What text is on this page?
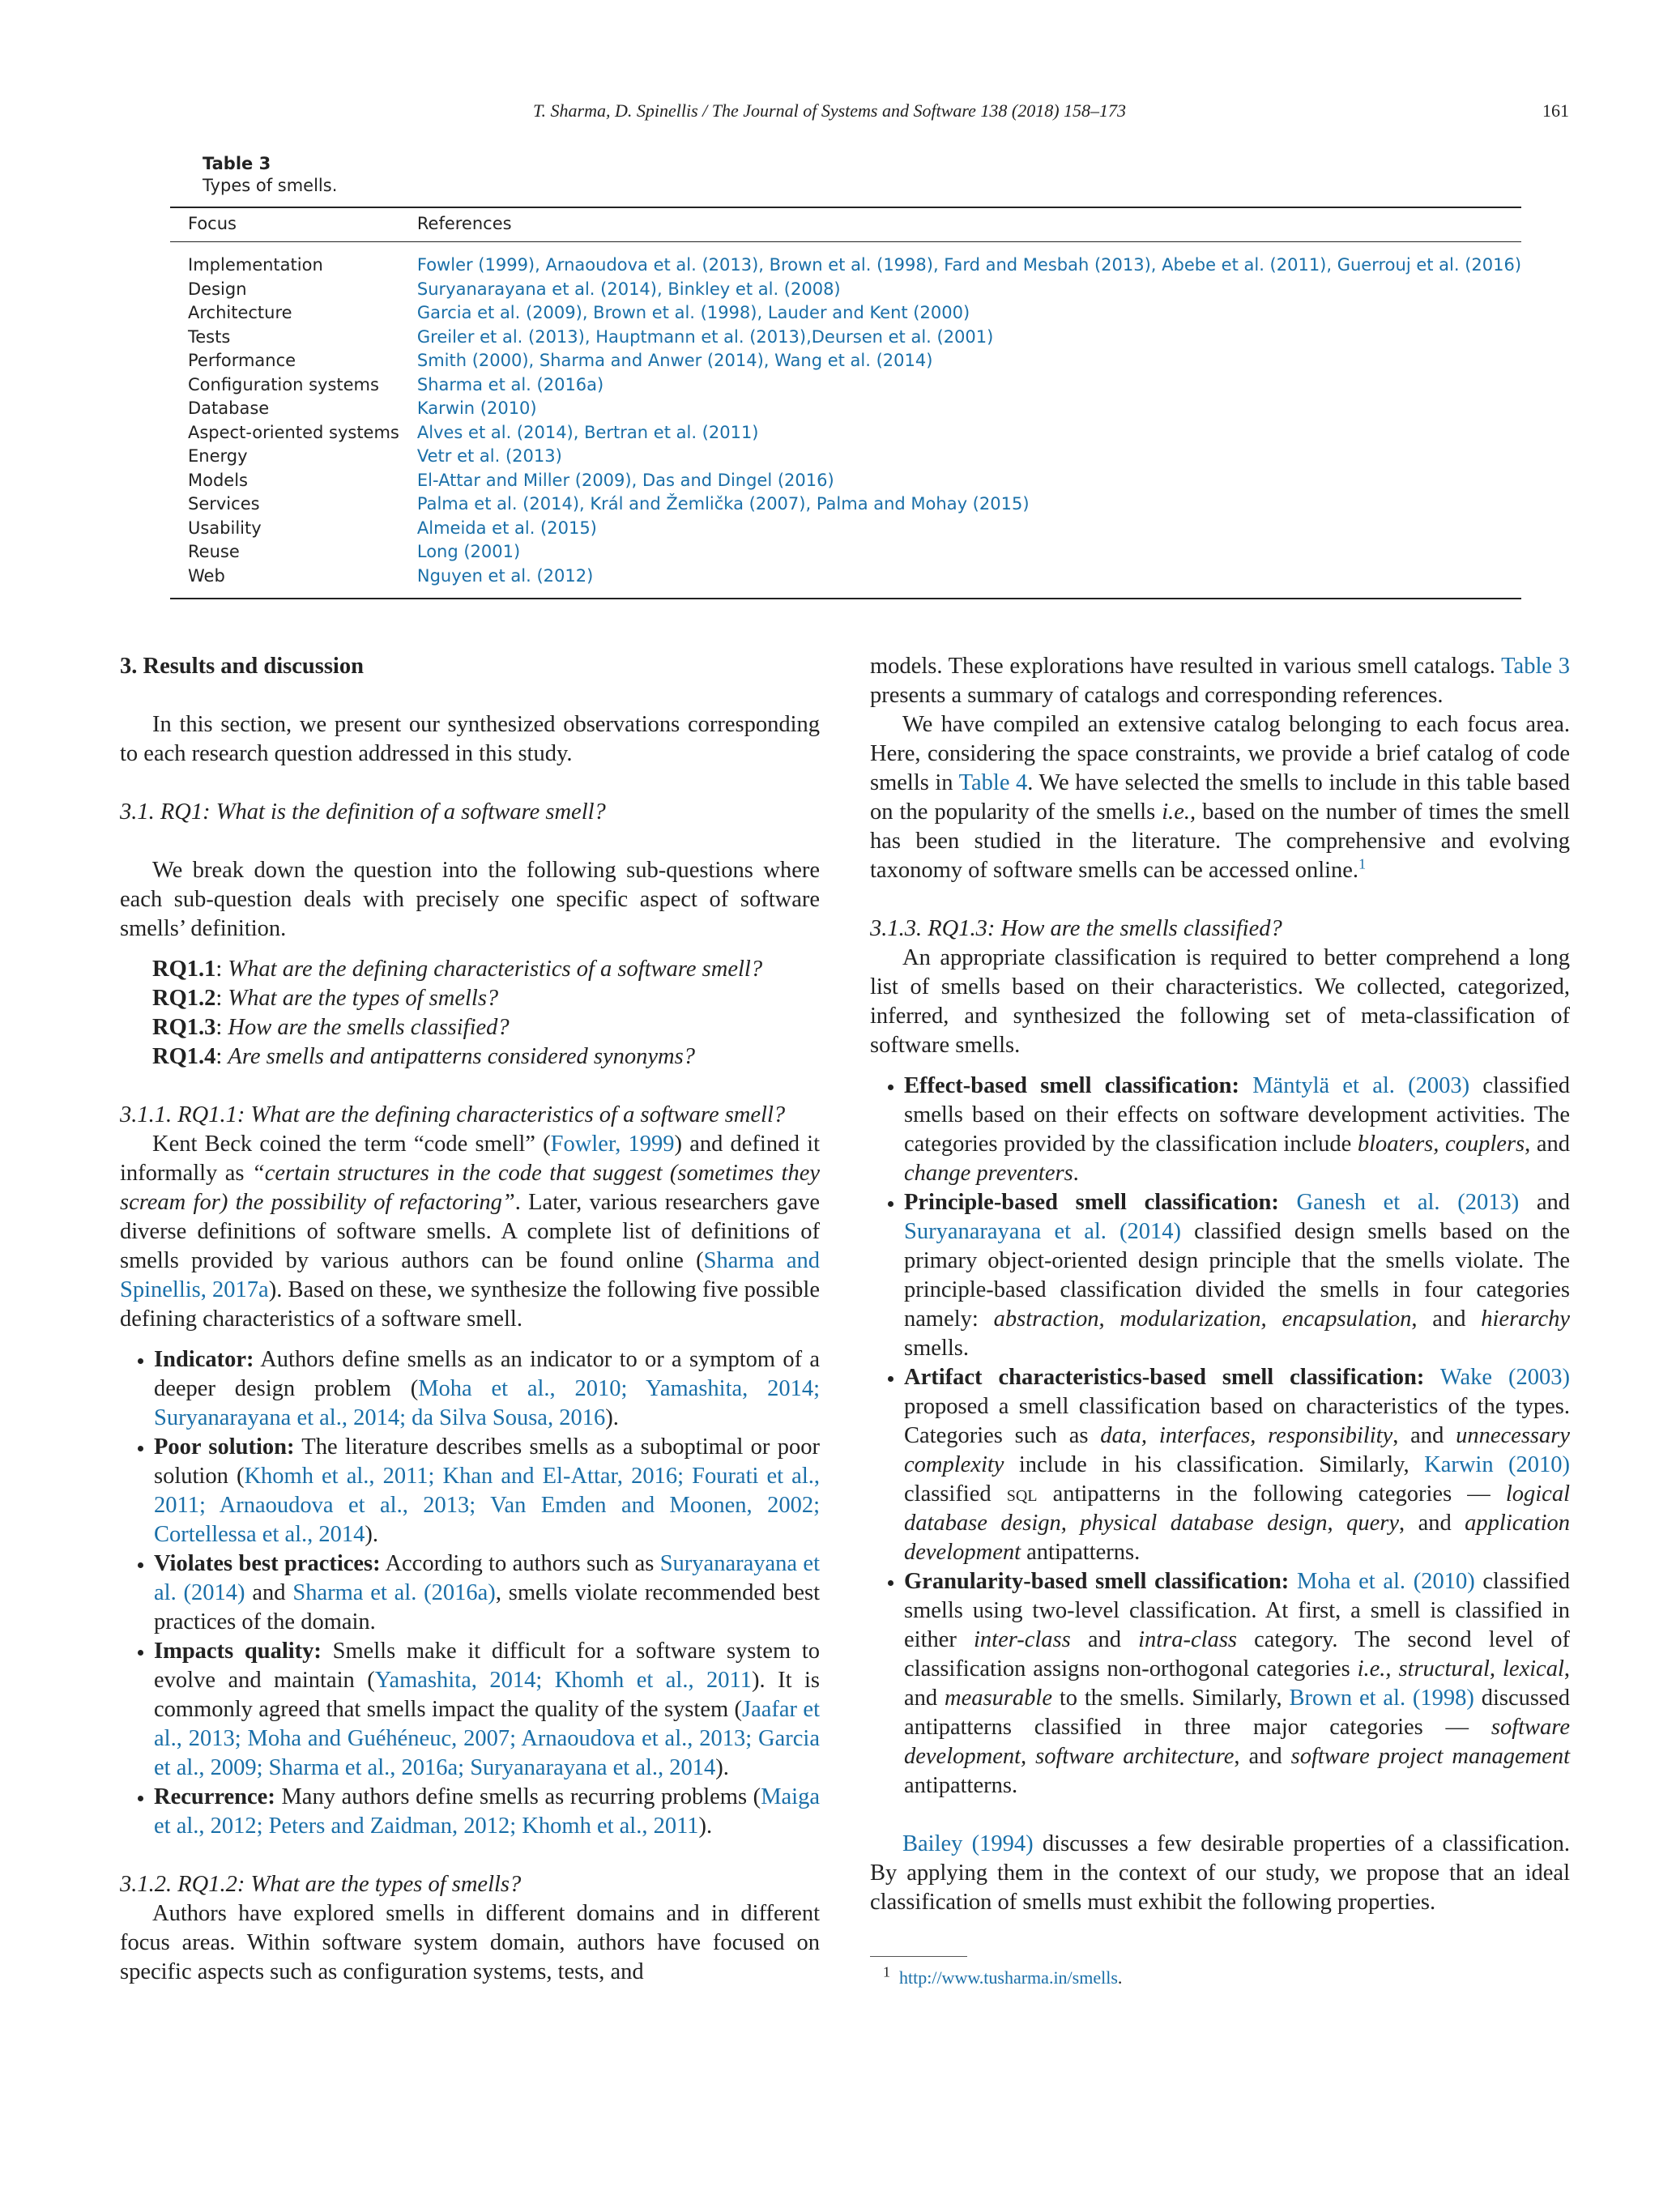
T. Sharma, D. Spinellis / The Journal of Systems and Software 138 (2018) 158–173	161

Table 3

Types of smells.

Focus	References
Implementation	Fowler (1999), Arnaoudova et al. (2013), Brown et al. (1998), Fard and Mesbah (2013), Abebe et al. (2011), Guerrouj et al. (2016)
Design	Suryanarayana et al. (2014), Binkley et al. (2008)
Architecture	Garcia et al. (2009), Brown et al. (1998), Lauder and Kent (2000)
Tests	Greiler et al. (2013), Hauptmann et al. (2013),Deursen et al. (2001)
Performance	Smith (2000), Sharma and Anwer (2014), Wang et al. (2014)
Configuration systems	Sharma et al. (2016a)
Database	Karwin (2010)
Aspect-oriented systems	Alves et al. (2014), Bertran et al. (2011)
Energy	Vetr et al. (2013)
Models	El-Attar and Miller (2009), Das and Dingel (2016)
Services	Palma et al. (2014), Král and Žemlička (2007), Palma and Mohay (2015)
Usability	Almeida et al. (2015)
Reuse	Long (2001)
Web	Nguyen et al. (2012)
3. Results and discussion

In this section, we present our synthesized observations corresponding to each research question addressed in this study.

3.1. RQ1: What is the definition of a software smell?

We break down the question into the following sub-questions where each sub-question deals with precisely one specific aspect of software smells’ definition.

RQ1.1: What are the defining characteristics of a software smell?
RQ1.2: What are the types of smells?
RQ1.3: How are the smells classified?
RQ1.4: Are smells and antipatterns considered synonyms?
3.1.1. RQ1.1: What are the defining characteristics of a software smell?

Kent Beck coined the term “code smell” (Fowler, 1999) and defined it informally as “certain structures in the code that suggest (sometimes they scream for) the possibility of refactoring”. Later, various researchers gave diverse definitions of software smells. A complete list of definitions of smells provided by various authors can be found online (Sharma and Spinellis, 2017a). Based on these, we synthesize the following five possible defining characteristics of a software smell.

• Indicator: Authors define smells as an indicator to or a symptom of a deeper design problem (Moha et al., 2010; Yamashita, 2014; Suryanarayana et al., 2014; da Silva Sousa, 2016).
• Poor solution: The literature describes smells as a suboptimal or poor solution (Khomh et al., 2011; Khan and El-Attar, 2016; Fourati et al., 2011; Arnaoudova et al., 2013; Van Emden and Moonen, 2002; Cortellessa et al., 2014).
• Violates best practices: According to authors such as Suryanarayana et al. (2014) and Sharma et al. (2016a), smells violate recommended best practices of the domain.
• Impacts quality: Smells make it difficult for a software system to evolve and maintain (Yamashita, 2014; Khomh et al., 2011). It is commonly agreed that smells impact the quality of the system (Jaafar et al., 2013; Moha and Guéhéneuc, 2007; Arnaoudova et al., 2013; Garcia et al., 2009; Sharma et al., 2016a; Suryanarayana et al., 2014).
• Recurrence: Many authors define smells as recurring problems (Maiga et al., 2012; Peters and Zaidman, 2012; Khomh et al., 2011).
3.1.2. RQ1.2: What are the types of smells?

Authors have explored smells in different domains and in different focus areas. Within software system domain, authors have focused on specific aspects such as configuration systems, tests, and

models. These explorations have resulted in various smell catalogs. Table 3 presents a summary of catalogs and corresponding references.

We have compiled an extensive catalog belonging to each focus area. Here, considering the space constraints, we provide a brief catalog of code smells in Table 4. We have selected the smells to include in this table based on the popularity of the smells i.e., based on the number of times the smell has been studied in the literature. The comprehensive and evolving taxonomy of software smells can be accessed online.$^1$

3.1.3. RQ1.3: How are the smells classified?

An appropriate classification is required to better comprehend a long list of smells based on their characteristics. We collected, categorized, inferred, and synthesized the following set of meta-classification of software smells.

• Effect-based smell classification: Mäntylä et al. (2003) classified smells based on their effects on software development activities. The categories provided by the classification include bloaters, couplers, and change preventers.
• Principle-based smell classification: Ganesh et al. (2013) and Suryanarayana et al. (2014) classified design smells based on the primary object-oriented design principle that the smells violate. The principle-based classification divided the smells in four categories namely: abstraction, modularization, encapsulation, and hierarchy smells.
• Artifact characteristics-based smell classification: Wake (2003) proposed a smell classification based on characteristics of the types. Categories such as data, interfaces, responsibility, and unnecessary complexity include in his classification. Similarly, Karwin (2010) classified sql antipatterns in the following categories — logical database design, physical database design, query, and application development antipatterns.
• Granularity-based smell classification: Moha et al. (2010) classified smells using two-level classification. At first, a smell is classified in either inter-class and intra-class category. The second level of classification assigns non-orthogonal categories i.e., structural, lexical, and measurable to the smells. Similarly, Brown et al. (1998) discussed antipatterns classified in three major categories — software development, software architecture, and software project management antipatterns.

Bailey (1994) discusses a few desirable properties of a classification. By applying them in the context of our study, we propose that an ideal classification of smells must exhibit the following properties.

$^1$ http://www.tusharma.in/smells.
